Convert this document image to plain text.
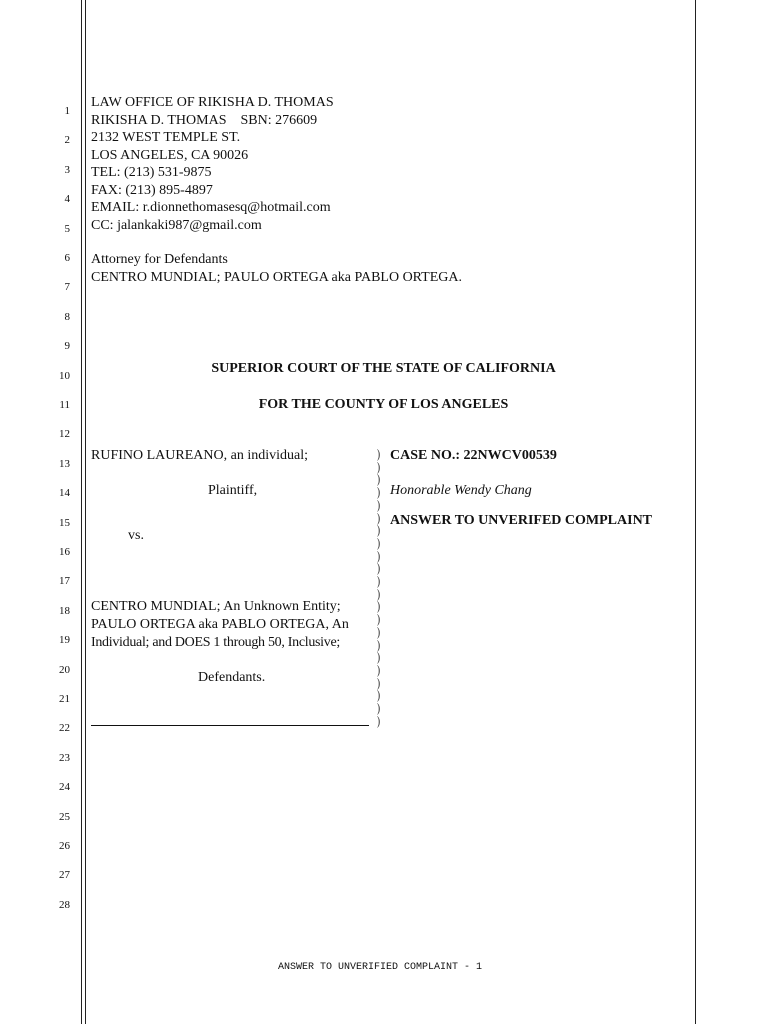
1
2
3
4
5
6
7
8
9
10
11
12
13
14
15
16
17
18
19
20
21
22
23
24
25
26
27
28
LAW OFFICE OF RIKISHA D. THOMAS
RIKISHA D. THOMAS    SBN: 276609
2132 WEST TEMPLE ST.
LOS ANGELES, CA 90026
TEL: (213) 531-9875
FAX: (213) 895-4897
EMAIL: r.dionnethomasesq@hotmail.com
CC: jalankaki987@gmail.com
Attorney for Defendants
CENTRO MUNDIAL; PAULO ORTEGA aka PABLO ORTEGA.
SUPERIOR COURT OF THE STATE OF CALIFORNIA
FOR THE COUNTY OF LOS ANGELES
RUFINO LAUREANO, an individual;
Plaintiff,
vs.
CENTRO MUNDIAL; An Unknown Entity;
PAULO ORTEGA aka PABLO ORTEGA, An
Individual; and DOES 1 through 50, Inclusive;
Defendants.
)
)
)
)
)
)
)
)
)
)
)
)
)
)
)
)
)
)
)
)
)
)
CASE NO.: 22NWCV00539
Honorable Wendy Chang
ANSWER TO UNVERIFED COMPLAINT
ANSWER TO UNVERIFIED COMPLAINT - 1
